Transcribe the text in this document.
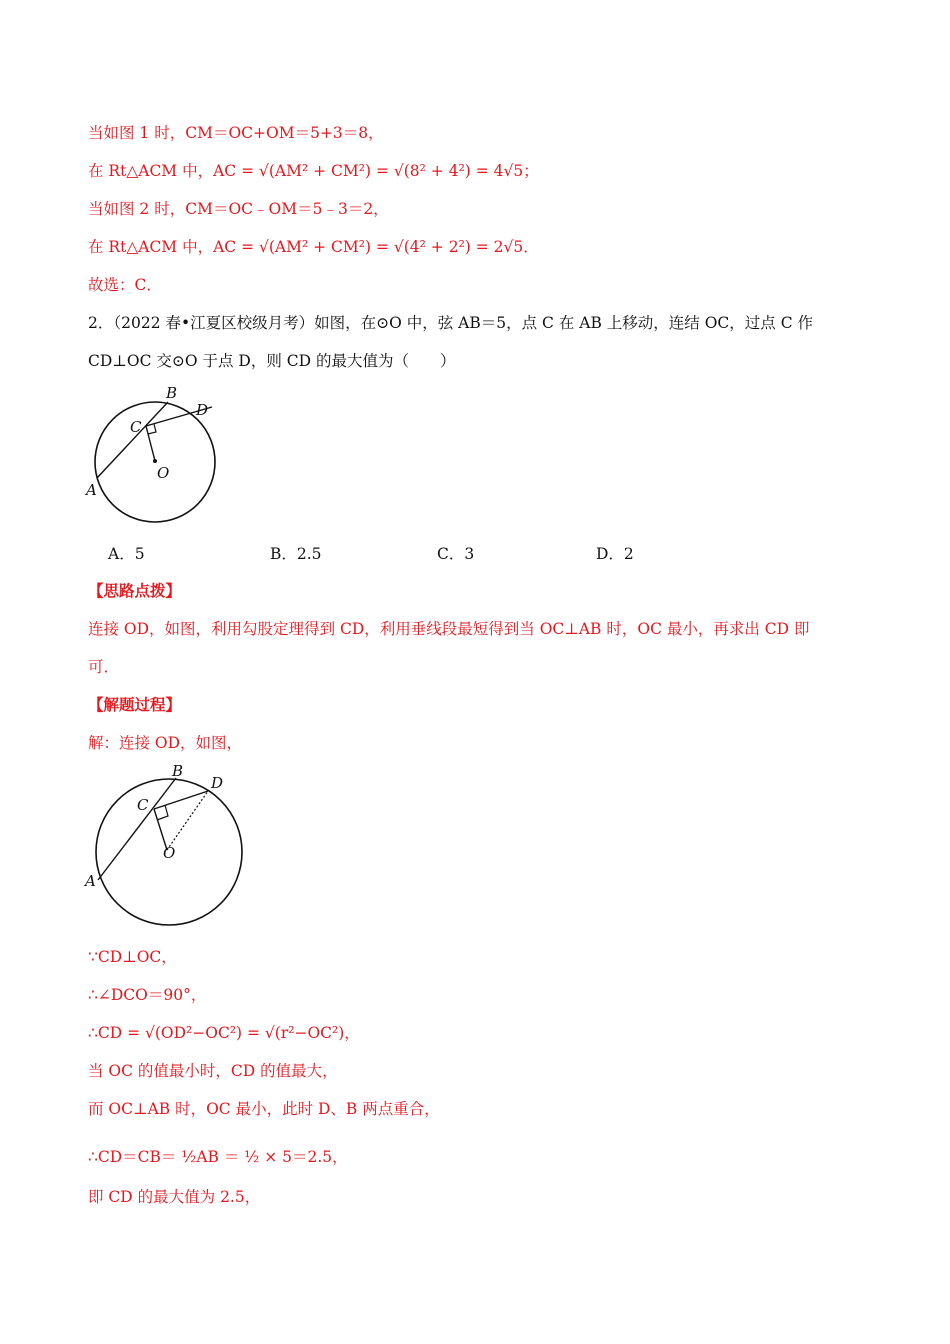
当如图 1 时，CM＝OC+OM＝5+3＝8，
在 Rt△ACM 中，AC = √(AM² + CM²) = √(8² + 4²) = 4√5；
当如图 2 时，CM＝OC﹣OM＝5﹣3＝2，
在 Rt△ACM 中，AC = √(AM² + CM²) = √(4² + 2²) = 2√5．
故选：C．
2．（2022 春•江夏区校级月考）如图，在⊙O 中，弦 AB＝5，点 C 在 AB 上移动，连结 OC，过点 C 作
CD⊥OC 交⊙O 于点 D，则 CD 的最大值为（　　）
A
B
C
D
O
A．5	B．2.5	C．3	D．2
【思路点拨】
连接 OD，如图，利用勾股定理得到 CD，利用垂线段最短得到当 OC⊥AB 时，OC 最小，再求出 CD 即
可．
【解题过程】
解：连接 OD，如图，
A
B
C
D
O
∵CD⊥OC，
∴∠DCO＝90°，
∴CD = √(OD²−OC²) = √(r²−OC²)，
当 OC 的值最小时，CD 的值最大，
而 OC⊥AB 时，OC 最小，此时 D、B 两点重合，
∴CD＝CB＝ ½AB ＝ ½ × 5＝2.5，
即 CD 的最大值为 2.5，
